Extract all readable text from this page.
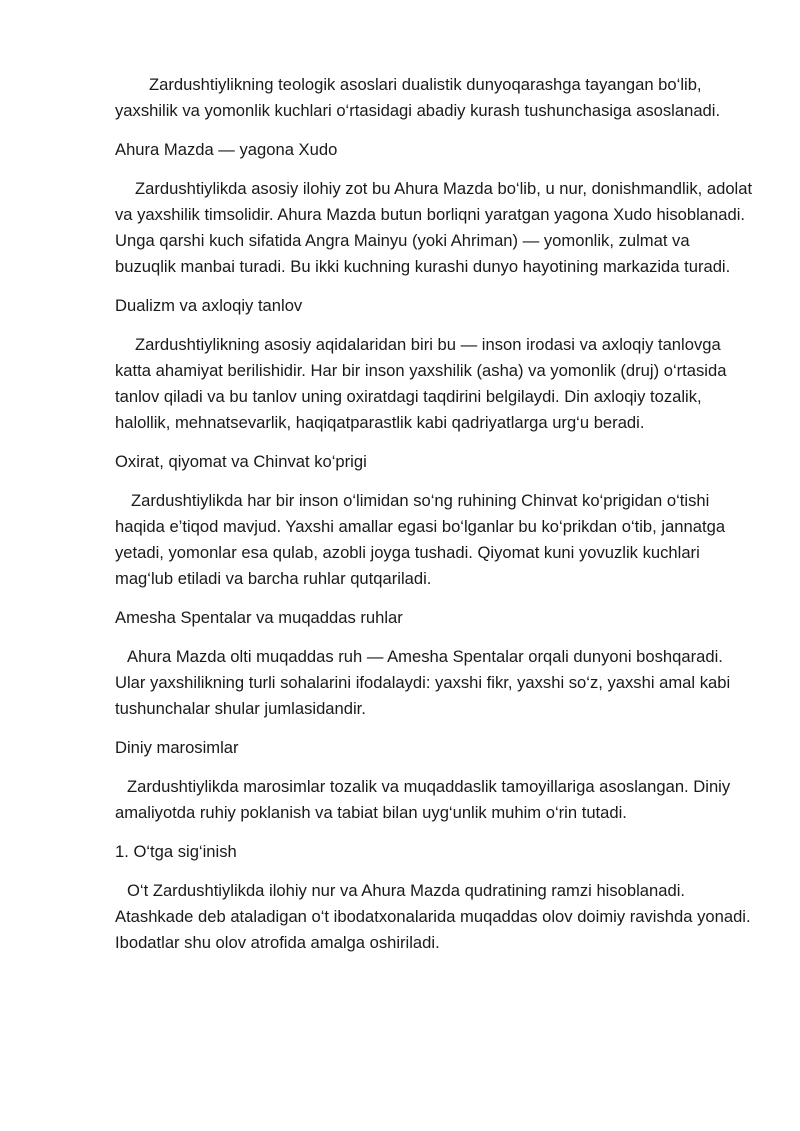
Zardushtiylikning teologik asoslari dualistik dunyoqarashga tayangan bo‘lib, yaxshilik va yomonlik kuchlari o‘rtasidagi abadiy kurash tushunchasiga asoslanadi.

Ahura Mazda — yagona Xudo

Zardushtiylikda asosiy ilohiy zot bu Ahura Mazda bo‘lib, u nur, donishmandlik, adolat va yaxshilik timsolidir. Ahura Mazda butun borliqni yaratgan yagona Xudo hisoblanadi. Unga qarshi kuch sifatida Angra Mainyu (yoki Ahriman) — yomonlik, zulmat va buzuqlik manbai turadi. Bu ikki kuchning kurashi dunyo hayotining markazida turadi.

Dualizm va axloqiy tanlov

Zardushtiylikning asosiy aqidalaridan biri bu — inson irodasi va axloqiy tanlovga katta ahamiyat berilishidir. Har bir inson yaxshilik (asha) va yomonlik (druj) o‘rtasida tanlov qiladi va bu tanlov uning oxiratdagi taqdirini belgilaydi. Din axloqiy tozalik, halollik, mehnatsevarlik, haqiqatparastlik kabi qadriyatlarga urg‘u beradi.

Oxirat, qiyomat va Chinvat ko‘prigi

Zardushtiylikda har bir inson o‘limidan so‘ng ruhining Chinvat ko‘prigidan o‘tishi haqida e’tiqod mavjud. Yaxshi amallar egasi bo‘lganlar bu ko‘prikdan o‘tib, jannatga yetadi, yomonlar esa qulab, azobli joyga tushadi. Qiyomat kuni yovuzlik kuchlari mag‘lub etiladi va barcha ruhlar qutqariladi.

Amesha Spentalar va muqaddas ruhlar

Ahura Mazda olti muqaddas ruh — Amesha Spentalar orqali dunyoni boshqaradi. Ular yaxshilikning turli sohalarini ifodalaydi: yaxshi fikr, yaxshi so‘z, yaxshi amal kabi tushunchalar shular jumlasidandir.

Diniy marosimlar

Zardushtiylikda marosimlar tozalik va muqaddaslik tamoyillariga asoslangan. Diniy amaliyotda ruhiy poklanish va tabiat bilan uyg‘unlik muhim o‘rin tutadi.

1. O‘tga sig‘inish

O‘t Zardushtiylikda ilohiy nur va Ahura Mazda qudratining ramzi hisoblanadi. Atashkade deb ataladigan o‘t ibodatxonalarida muqaddas olov doimiy ravishda yonadi. Ibodatlar shu olov atrofida amalga oshiriladi.
